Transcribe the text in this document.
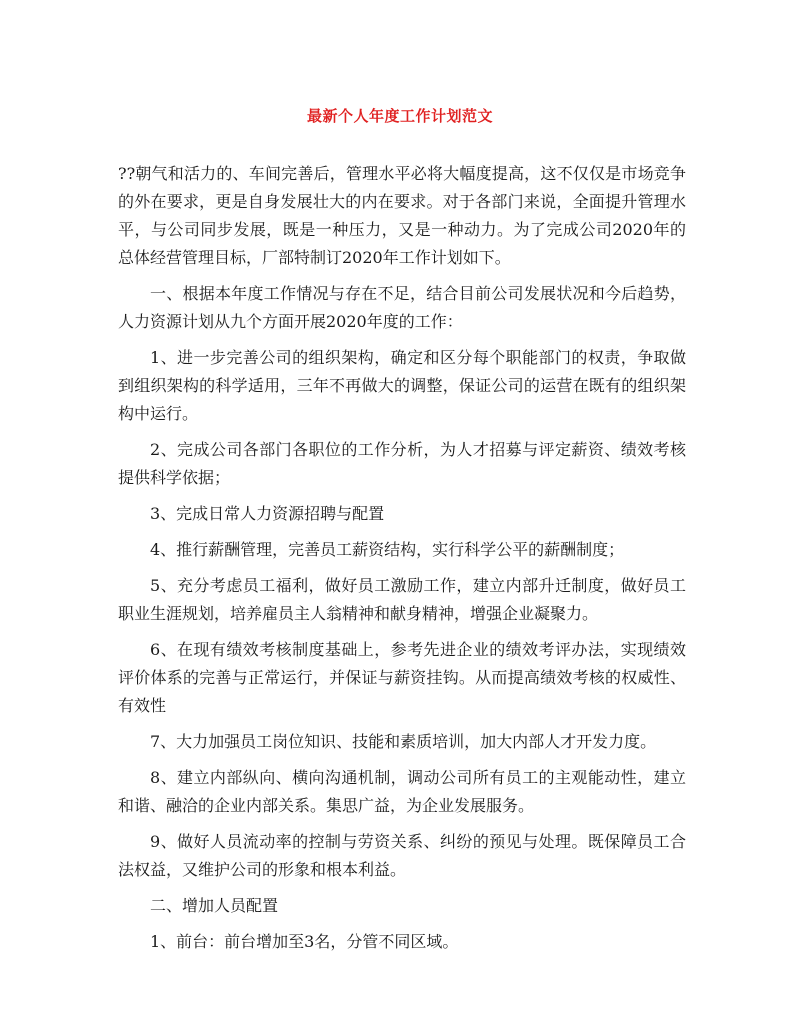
最新个人年度工作计划范文

??朝气和活力的、车间完善后，管理水平必将大幅度提高，这不仅仅是市场竞争的外在要求，更是自身发展壮大的内在要求。对于各部门来说，全面提升管理水平，与公司同步发展，既是一种压力，又是一种动力。为了完成公司2020年的总体经营管理目标，厂部特制订2020年工作计划如下。

一、根据本年度工作情况与存在不足，结合目前公司发展状况和今后趋势，人力资源计划从九个方面开展2020年度的工作：

1、进一步完善公司的组织架构，确定和区分每个职能部门的权责，争取做到组织架构的科学适用，三年不再做大的调整，保证公司的运营在既有的组织架构中运行。

2、完成公司各部门各职位的工作分析，为人才招募与评定薪资、绩效考核提供科学依据；

3、完成日常人力资源招聘与配置

4、推行薪酬管理，完善员工薪资结构，实行科学公平的薪酬制度；

5、充分考虑员工福利，做好员工激励工作，建立内部升迁制度，做好员工职业生涯规划，培养雇员主人翁精神和献身精神，增强企业凝聚力。

6、在现有绩效考核制度基础上，参考先进企业的绩效考评办法，实现绩效评价体系的完善与正常运行，并保证与薪资挂钩。从而提高绩效考核的权威性、有效性

7、大力加强员工岗位知识、技能和素质培训，加大内部人才开发力度。

8、建立内部纵向、横向沟通机制，调动公司所有员工的主观能动性，建立和谐、融洽的企业内部关系。集思广益，为企业发展服务。

9、做好人员流动率的控制与劳资关系、纠纷的预见与处理。既保障员工合法权益，又维护公司的形象和根本利益。

二、增加人员配置

1、前台：前台增加至3名，分管不同区域。
